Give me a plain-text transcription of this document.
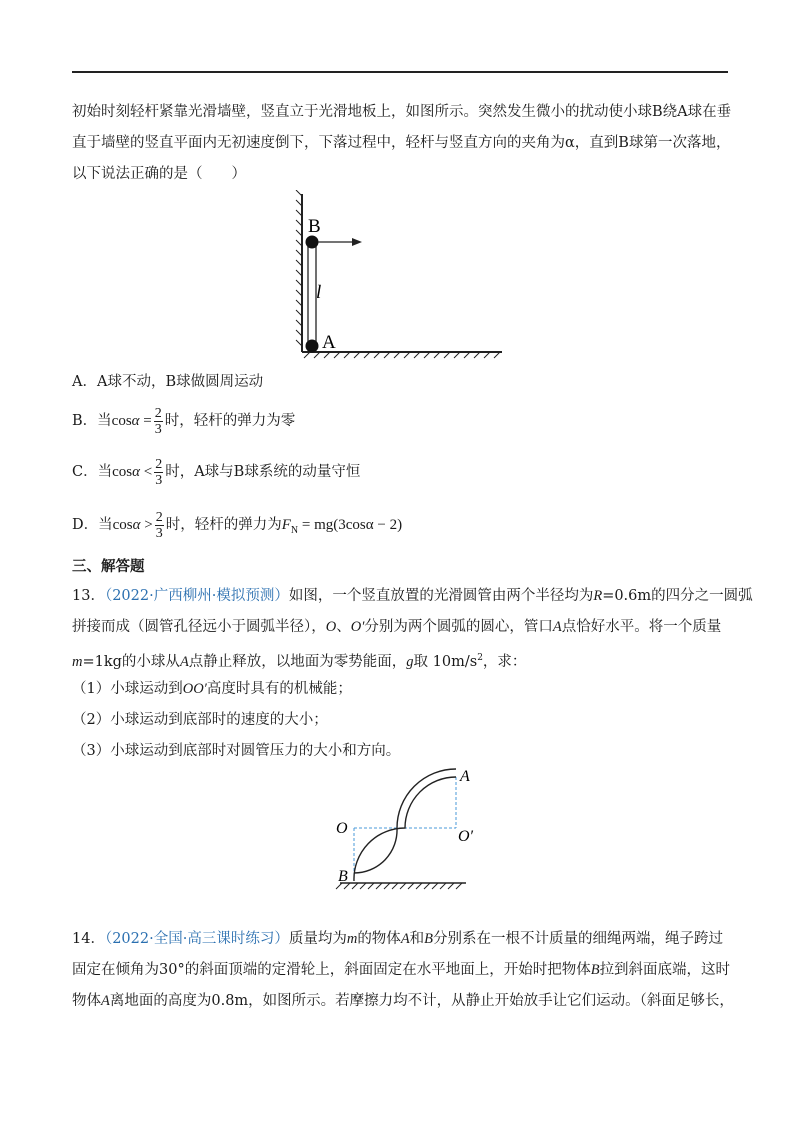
初始时刻轻杆紧靠光滑墙壁，竖直立于光滑地板上，如图所示。突然发生微小的扰动使小球B绕A球在垂
直于墙壁的竖直平面内无初速度倒下，下落过程中，轻杆与竖直方向的夹角为α，直到B球第一次落地，
以下说法正确的是（　　）
B
l
A
A．A球不动，B球做圆周运动
B．当$\cos\alpha = \frac{2}{3}$ 时，轻杆的弹力为零
C．当$\cos\alpha < \frac{2}{3}$ 时，A球与B球系统的动量守恒
D．当$\cos\alpha > \frac{2}{3}$ 时，轻杆的弹力为$F_N = mg(3\cos\alpha - 2)$
三、解答题
13．（2022·广西柳州·模拟预测）如图，一个竖直放置的光滑圆管由两个半径均为R=0.6m的四分之一圆弧
拼接而成（圆管孔径远小于圆弧半径），O、O′分别为两个圆弧的圆心，管口A点恰好水平。将一个质量
m=1kg的小球从A点静止释放，以地面为零势能面，g取 $10m/s^2$，求：
（1）小球运动到OO′高度时具有的机械能；
（2）小球运动到底部时的速度的大小；
（3）小球运动到底部时对圆管压力的大小和方向。
A
O	O′
B
14．（2022·全国·高三课时练习）质量均为m的物体A和B分别系在一根不计质量的细绳两端，绳子跨过
固定在倾角为30°的斜面顶端的定滑轮上，斜面固定在水平地面上，开始时把物体B拉到斜面底端，这时
物体A离地面的高度为0.8m，如图所示。若摩擦力均不计，从静止开始放手让它们运动。（斜面足够长，
